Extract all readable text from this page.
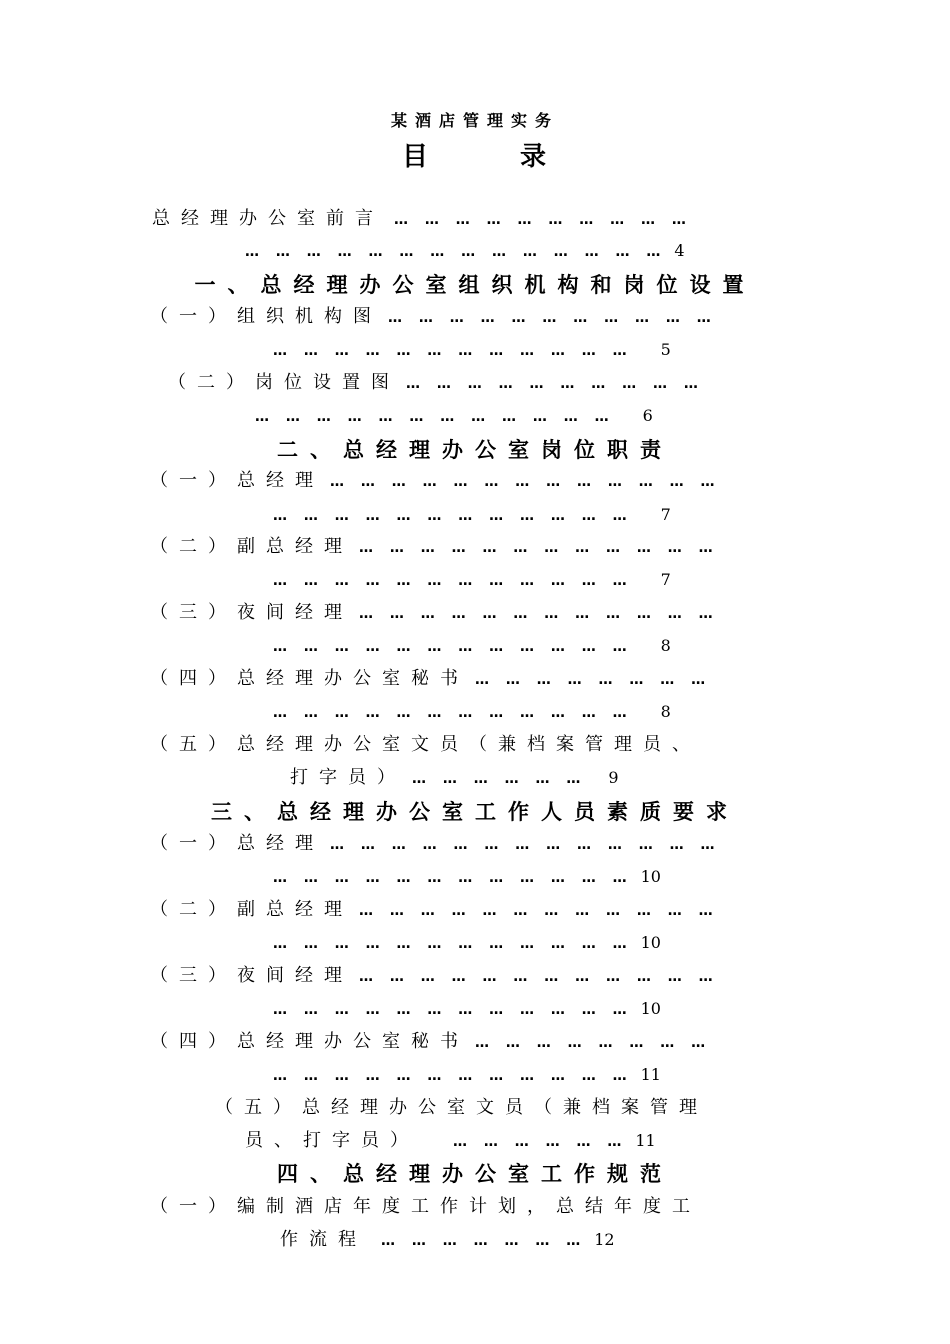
某酒店管理实务
目	录
总经理办公室前言 … … … … … … … … … …
… … … … … … … … … … … … … … 4
一、总经理办公室组织机构和岗位设置
（一）组织机构图 … … … … … … … … … … …
… … … … … … … … … … … … 5
（二）岗位设置图 … … … … … … … … … …
… … … … … … … … … … … … 6
二、总经理办公室岗位职责
（一）总经理 … … … … … … … … … … … … …
… … … … … … … … … … … … 7
（二）副总经理 … … … … … … … … … … … …
… … … … … … … … … … … … 7
（三）夜间经理 … … … … … … … … … … … …
… … … … … … … … … … … … 8
（四）总经理办公室秘书 … … … … … … … …
… … … … … … … … … … … … 8
（五）总经理办公室文员（兼档案管理员、
打字员） … … … … … … 9
三、总经理办公室工作人员素质要求
（一）总经理 … … … … … … … … … … … … …
… … … … … … … … … … … … 10
（二）副总经理 … … … … … … … … … … … …
… … … … … … … … … … … … 10
（三）夜间经理 … … … … … … … … … … … …
… … … … … … … … … … … … 10
（四）总经理办公室秘书 … … … … … … … …
… … … … … … … … … … … … 11
（五）总经理办公室文员（兼档案管理
员、打字员） … … … … … … 11
四、总经理办公室工作规范
（一）编制酒店年度工作计划，总结年度工
作流程 … … … … … … … 12
